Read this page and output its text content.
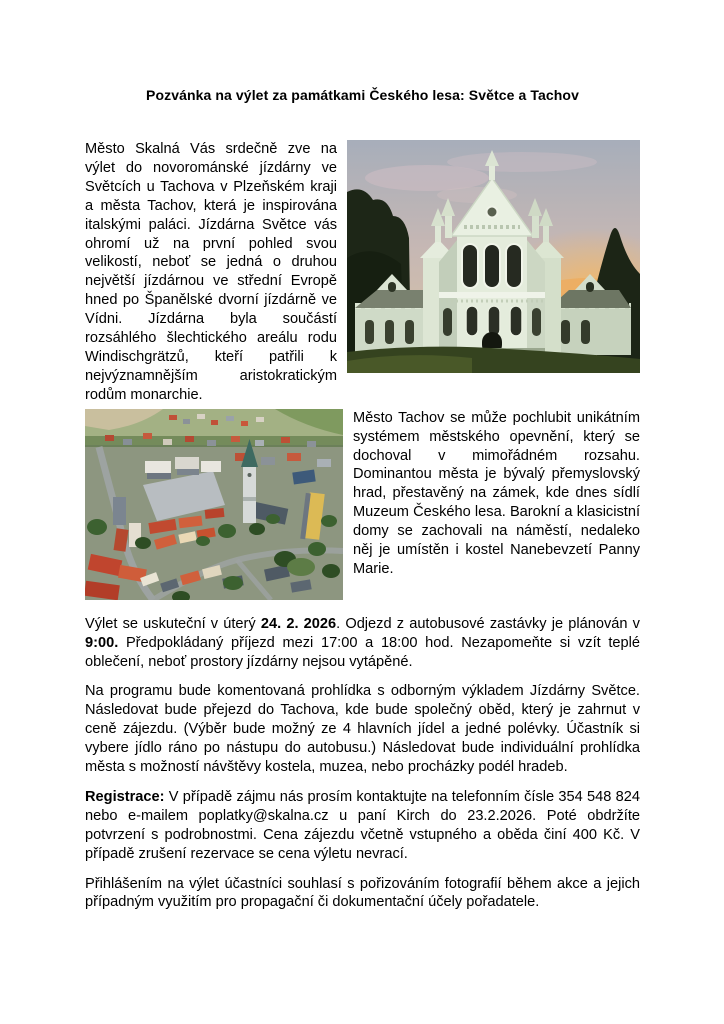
Pozvánka na výlet za památkami Českého lesa: Světce a Tachov

Město Skalná Vás srdečně zve na výlet do novorománské jízdárny ve Světcích u Tachova v Plzeňském kraji a města Tachov, která je inspirována italskými paláci. Jízdárna Světce vás ohromí už na první pohled svou velikostí, neboť se jedná o druhou největší jízdárnou ve střední Evropě hned po Španělské dvorní jízdárně ve Vídni. Jízdárna byla součástí rozsáhlého šlechtického areálu rodu Windischgrätzů, kteří patřili k nejvýznamnějším aristokratickým rodům monarchie.

Město Tachov se může pochlubit unikátním systémem městského opevnění, který se dochoval v mimořádném rozsahu. Dominantou města je bývalý přemyslovský hrad, přestavěný na zámek, kde dnes sídlí Muzeum Českého lesa. Barokní a klasicistní domy se zachovali na náměstí, nedaleko něj je umístěn i kostel Nanebevzetí Panny Marie.

Výlet se uskuteční v úterý 24. 2. 2026. Odjezd z autobusové zastávky je plánován v 9:00. Předpokládaný příjezd mezi 17:00 a 18:00 hod. Nezapomeňte si vzít teplé oblečení, neboť prostory jízdárny nejsou vytápěné.

Na programu bude komentovaná prohlídka s odborným výkladem Jízdárny Světce. Následovat bude přejezd do Tachova, kde bude společný oběd, který je zahrnut v ceně zájezdu. (Výběr bude možný ze 4 hlavních jídel a jedné polévky. Účastník si vybere jídlo ráno po nástupu do autobusu.) Následovat bude individuální prohlídka města s možností návštěvy kostela, muzea, nebo procházky podél hradeb.

Registrace: V případě zájmu nás prosím kontaktujte na telefonním čísle 354 548 824 nebo e-mailem poplatky@skalna.cz u paní Kirch do 23.2.2026. Poté obdržíte potvrzení s podrobnostmi. Cena zájezdu včetně vstupného a oběda činí 400 Kč. V případě zrušení rezervace se cena výletu nevrací.

Přihlášením na výlet účastníci souhlasí s pořizováním fotografií během akce a jejich případným využitím pro propagační či dokumentační účely pořadatele.
